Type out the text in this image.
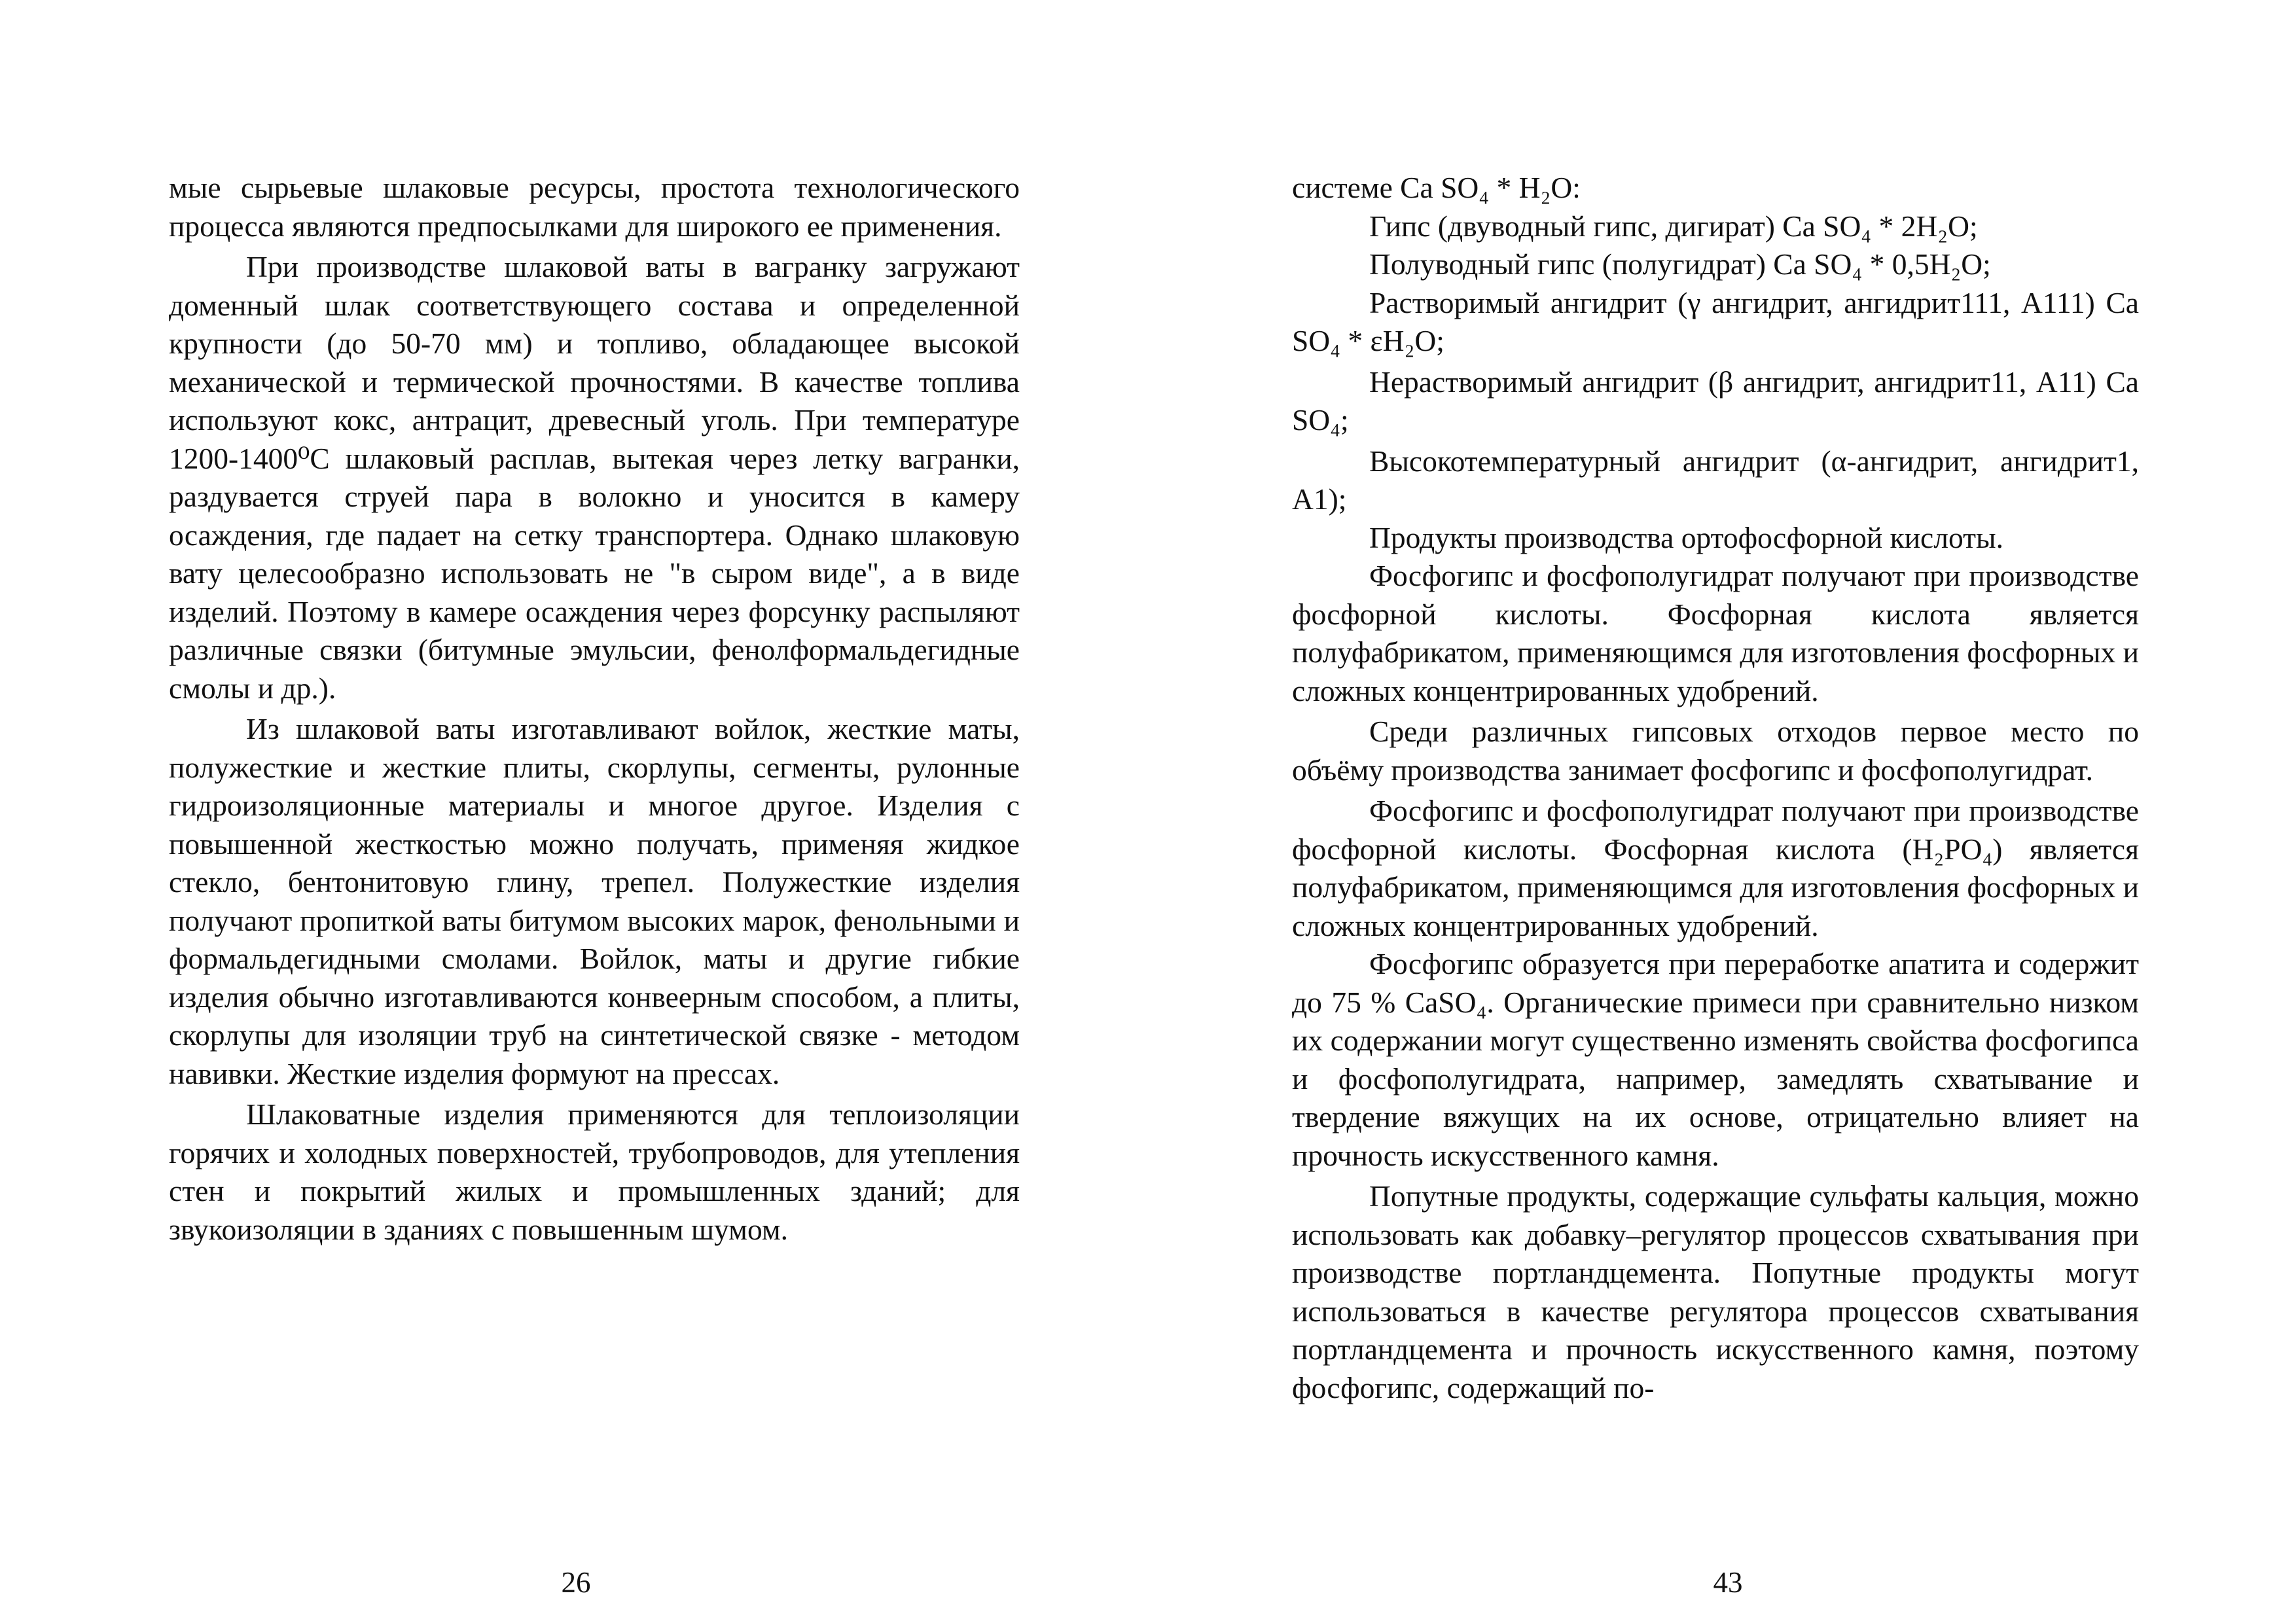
мые сырьевые шлаковые ресурсы, простота технологического процесса являются предпосылками для широкого ее применения.

При производстве шлаковой ваты в вагранку загружают доменный шлак соответствующего состава и определенной крупности (до 50-70 мм) и топливо, обладающее высокой механической и термической прочностями. В качестве топлива используют кокс, антрацит, древесный уголь. При температуре 1200-1400⁰С шлаковый расплав, вытекая через летку вагранки, раздувается струей пара в волокно и уносится в камеру осаждения, где падает на сетку транспортера. Однако шлаковую вату целесообразно использовать не "в сыром виде", а в виде изделий. Поэтому в камере осаждения через форсунку распыляют различные связки (битумные эмульсии, фенолформальдегидные смолы и др.).

Из шлаковой ваты изготавливают войлок, жесткие маты, полужесткие и жесткие плиты, скорлупы, сегменты, рулонные гидроизоляционные материалы и многое другое. Изделия с повышенной жесткостью можно получать, применяя жидкое стекло, бентонитовую глину, трепел. Полужесткие изделия получают пропиткой ваты битумом высоких марок, фенольными и формальдегидными смолами. Войлок, маты и другие гибкие изделия обычно изготавливаются конвеерным способом, а плиты, скорлупы для изоляции труб на синтетической связке - методом навивки. Жесткие изделия формуют на прессах.

Шлаковатные изделия применяются для теплоизоляции горячих и холодных поверхностей, трубопроводов, для утепления стен и покрытий жилых и промышленных зданий; для звукоизоляции в зданиях с повышенным шумом.

системе Ca SO₄ * H₂O:

Гипс (двуводный гипс, дигират) Ca SO₄ * 2H₂O;

Полуводный гипс (полугидрат) Ca SO₄ * 0,5H₂O;

Растворимый ангидрит (γ ангидрит, ангидрит111, A111) Ca SO₄ * εH₂O;

Нерастворимый ангидрит (β ангидрит, ангидрит11, A11) Ca SO₄;

Высокотемпературный ангидрит (α-ангидрит, ангидрит1, A1);

Продукты производства ортофосфорной кислоты.

Фосфогипс и фосфополугидрат получают при производстве фосфорной кислоты. Фосфорная кислота является полуфабрикатом, применяющимся для изготовления фосфорных и сложных концентрированных удобрений.

Среди различных гипсовых отходов первое место по объёму производства занимает фосфогипс и фосфополугидрат.

Фосфогипс и фосфополугидрат получают при производстве фосфорной кислоты. Фосфорная кислота (H₂PO₄) является полуфабрикатом, применяющимся для изготовления фосфорных и сложных концентрированных удобрений.

Фосфогипс образуется при переработке апатита и содержит до 75 % CaSO₄. Органические примеси при сравнительно низком их содержании могут существенно изменять свойства фосфогипса и фосфополугидрата, например, замедлять схватывание и твердение вяжущих на их основе, отрицательно влияет на прочность искусственного камня.

Попутные продукты, содержащие сульфаты кальция, можно использовать как добавку–регулятор процессов схватывания при производстве портландцемента. Попутные продукты могут использоваться в качестве регулятора процессов схватывания портландцемента и прочность искусственного камня, поэтому фосфогипс, содержащий по-

26	43
